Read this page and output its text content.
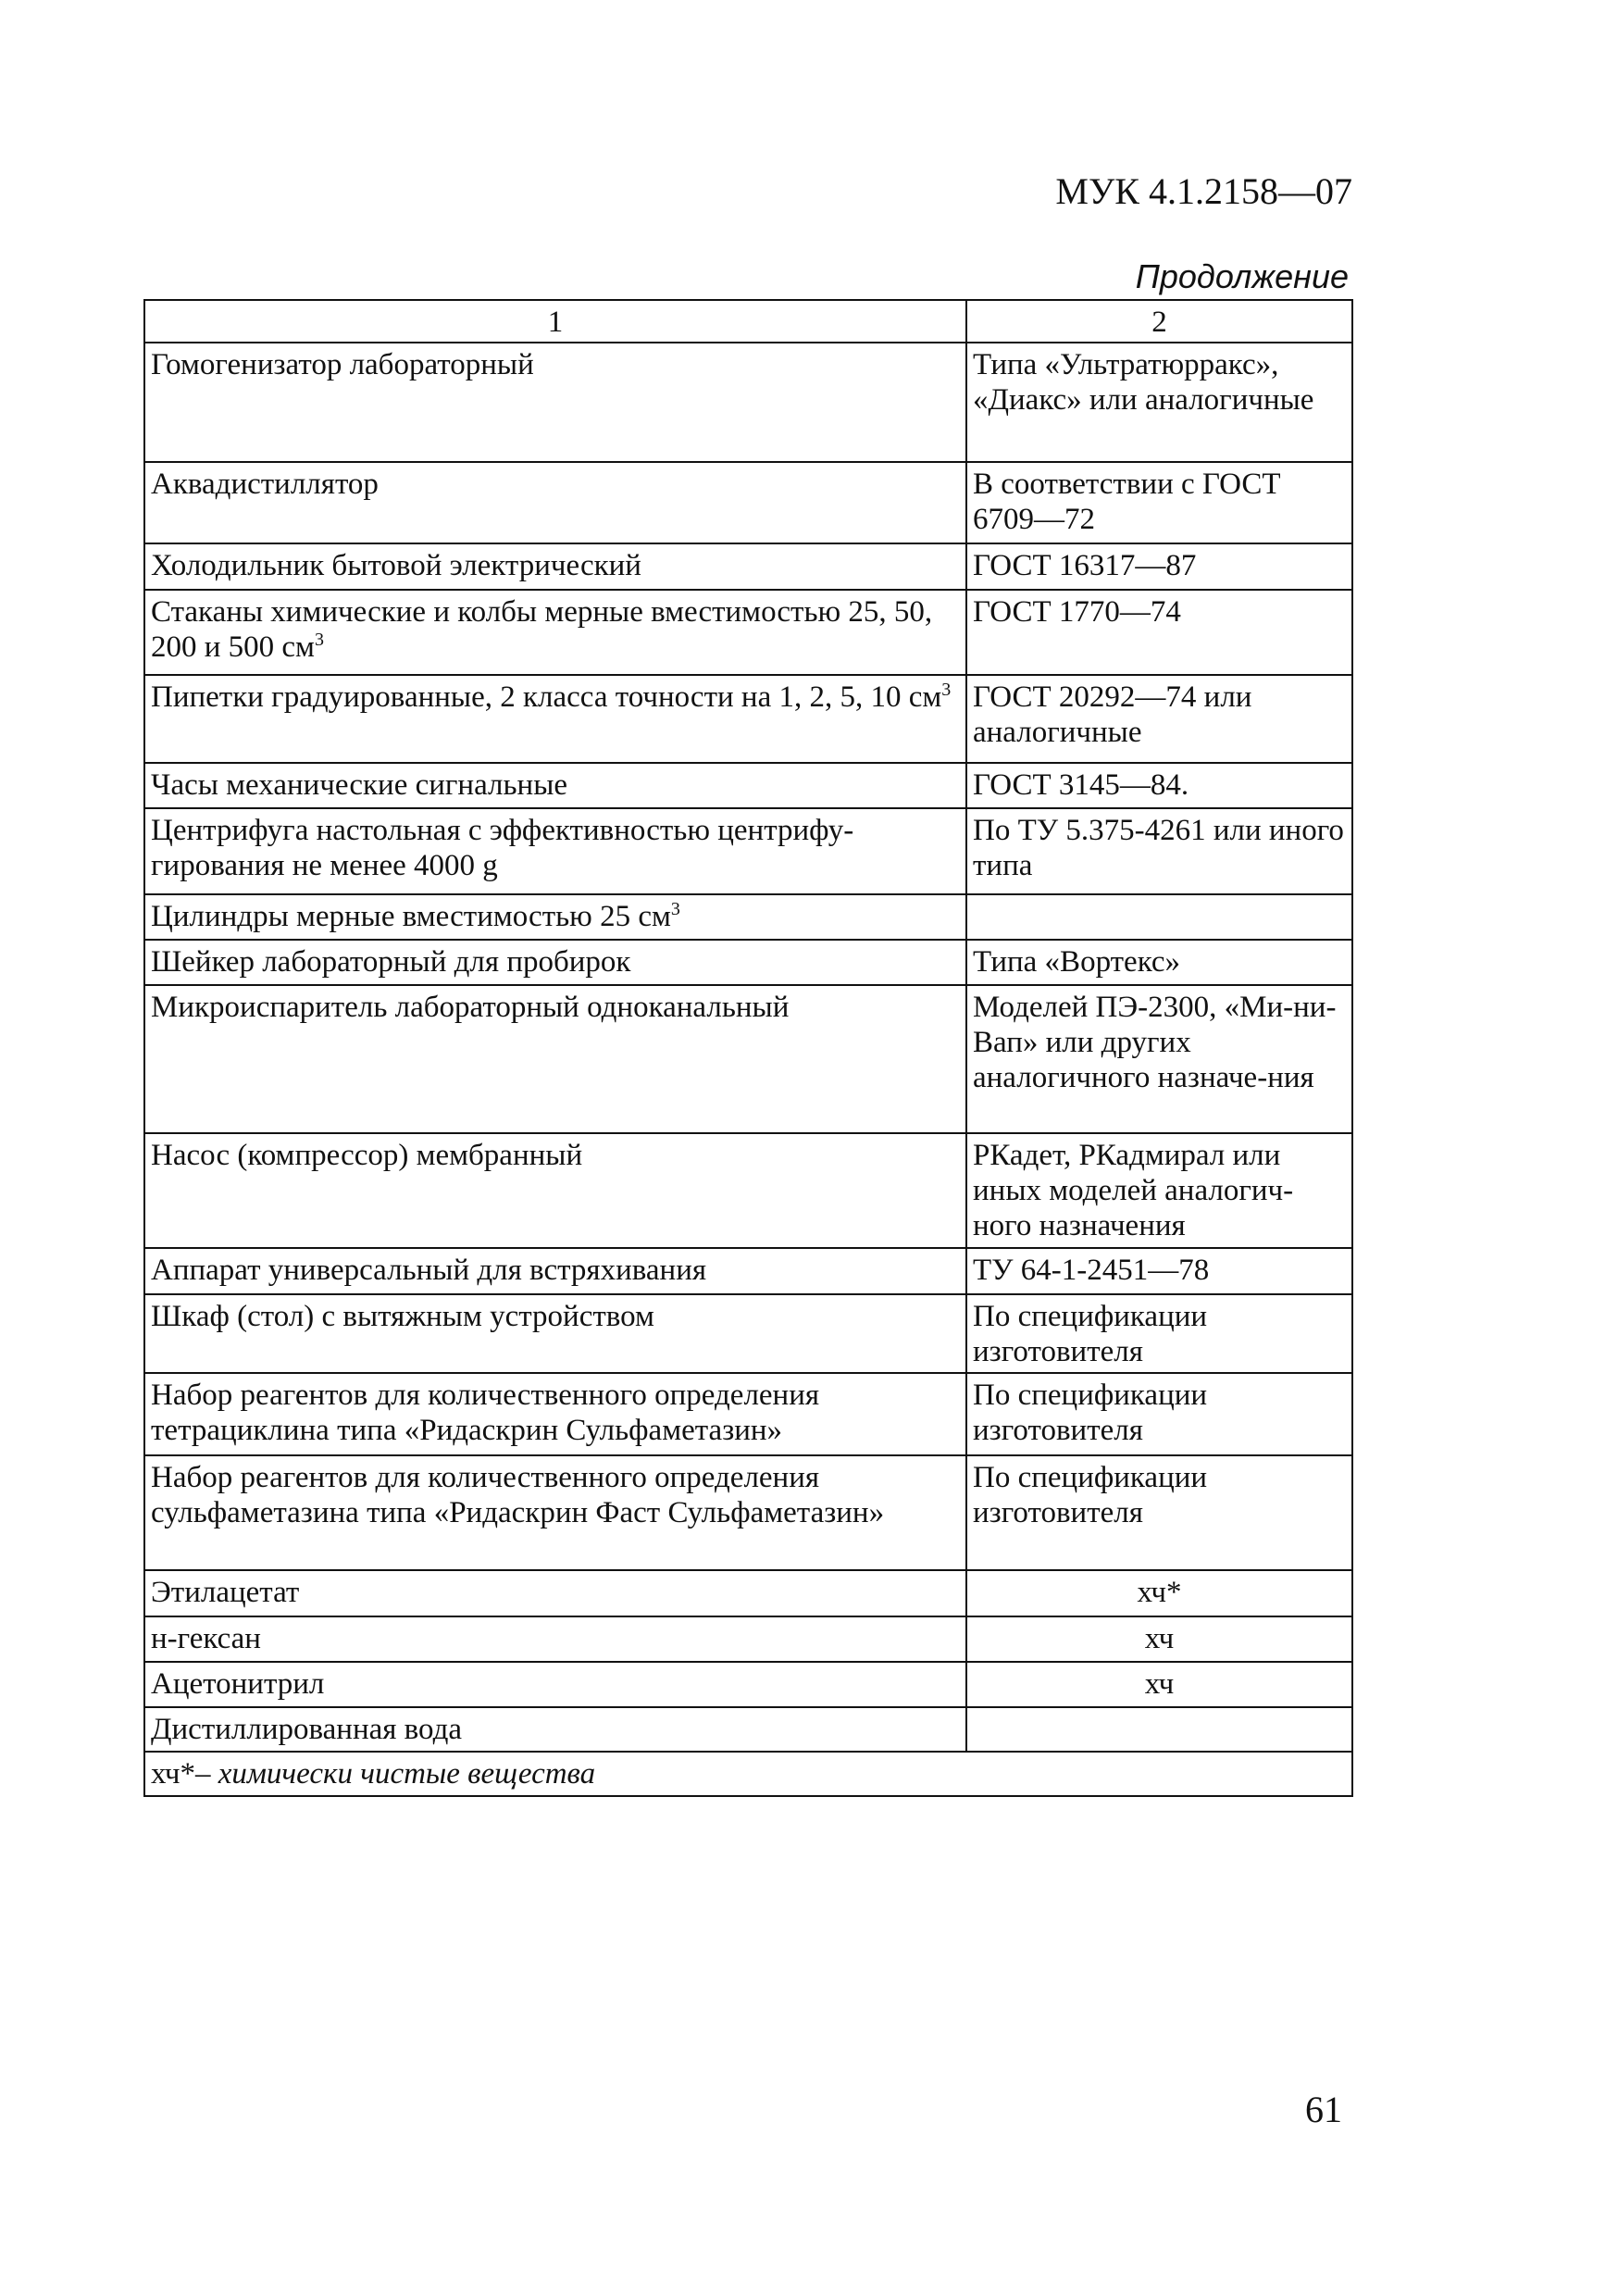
МУК 4.1.2158—07
Продолжение
1	2
Гомогенизатор лабораторный	Типа «Ультратюрракс», «Диакс» или аналогичные
Аквадистиллятор	В соответствии с ГОСТ 6709—72
Холодильник бытовой электрический	ГОСТ 16317—87
Стаканы химические и колбы мерные вместимостью 25, 50, 200 и 500 $см^3$	ГОСТ 1770—74
Пипетки градуированные, 2 класса точности на 1, 2, 5, 10 $см^3$	ГОСТ 20292—74 или аналогичные
Часы механические сигнальные	ГОСТ 3145—84.
Центрифуга настольная с эффективностью центрифу-гирования не менее 4000 g	По ТУ 5.375-4261 или иного типа
Цилиндры мерные вместимостью 25 $см^3$	
Шейкер лабораторный для пробирок	Типа «Вортекс»
Микроиспаритель лабораторный одноканальный	Моделей ПЭ-2300, «Ми-ни-Вап» или других аналогичного назначе-ния
Насос (компрессор) мембранный	РКадет, РКадмирал или иных моделей аналогич-ного назначения
Аппарат универсальный для встряхивания	ТУ 64-1-2451—78
Шкаф (стол) с вытяжным устройством	По спецификации изготовителя
Набор реагентов для количественного определения тетрациклина типа «Ридаскрин Сульфаметазин»	По спецификации изготовителя
Набор реагентов для количественного определения сульфаметазина типа «Ридаскрин Фаст Сульфаметазин»	По спецификации изготовителя
Этилацетат	хч*
н-гексан	хч
Ацетонитрил	хч
Дистиллированная вода	
хч*– химически чистые вещества	
61
